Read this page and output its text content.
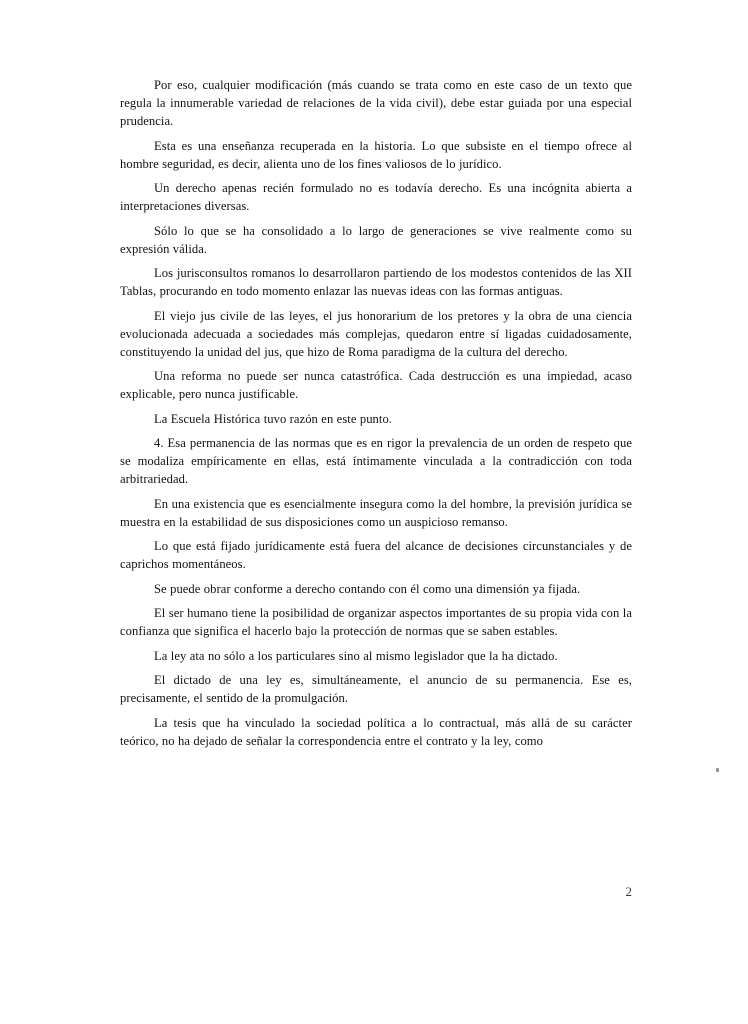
Por eso, cualquier modificación (más cuando se trata como en este caso de un texto que regula la innumerable variedad de relaciones de la vida civil), debe estar guiada por una especial prudencia.

Esta es una enseñanza recuperada en la historia. Lo que subsiste en el tiempo ofrece al hombre seguridad, es decir, alienta uno de los fines valiosos de lo jurídico.

Un derecho apenas recién formulado no es todavía derecho. Es una incógnita abierta a interpretaciones diversas.

Sólo lo que se ha consolidado a lo largo de generaciones se vive realmente como su expresión válida.

Los jurisconsultos romanos lo desarrollaron partiendo de los modestos contenidos de las XII Tablas, procurando en todo momento enlazar las nuevas ideas con las formas antiguas.

El viejo jus civile de las leyes, el jus honorarium de los pretores y la obra de una ciencia evolucionada adecuada a sociedades más complejas, quedaron entre sí ligadas cuidadosamente, constituyendo la unidad del jus, que hizo de Roma paradigma de la cultura del derecho.

Una reforma no puede ser nunca catastrófica. Cada destrucción es una impiedad, acaso explicable, pero nunca justificable.

La Escuela Histórica tuvo razón en este punto.

4. Esa permanencia de las normas que es en rigor la prevalencia de un orden de respeto que se modaliza empíricamente en ellas, está íntimamente vinculada a la contradicción con toda arbitrariedad.

En una existencia que es esencialmente insegura como la del hombre, la previsión jurídica se muestra en la estabilidad de sus disposiciones como un auspicioso remanso.

Lo que está fijado jurídicamente está fuera del alcance de decisiones circunstanciales y de caprichos momentáneos.

Se puede obrar conforme a derecho contando con él como una dimensión ya fijada.

El ser humano tiene la posibilidad de organizar aspectos importantes de su propia vida con la confianza que significa el hacerlo bajo la protección de normas que se saben estables.

La ley ata no sólo a los particulares sino al mismo legislador que la ha dictado.

El dictado de una ley es, simultáneamente, el anuncio de su permanencia. Ese es, precisamente, el sentido de la promulgación.

La tesis que ha vinculado la sociedad política a lo contractual, más allá de su carácter teórico, no ha dejado de señalar la correspondencia entre el contrato y la ley, como

2
